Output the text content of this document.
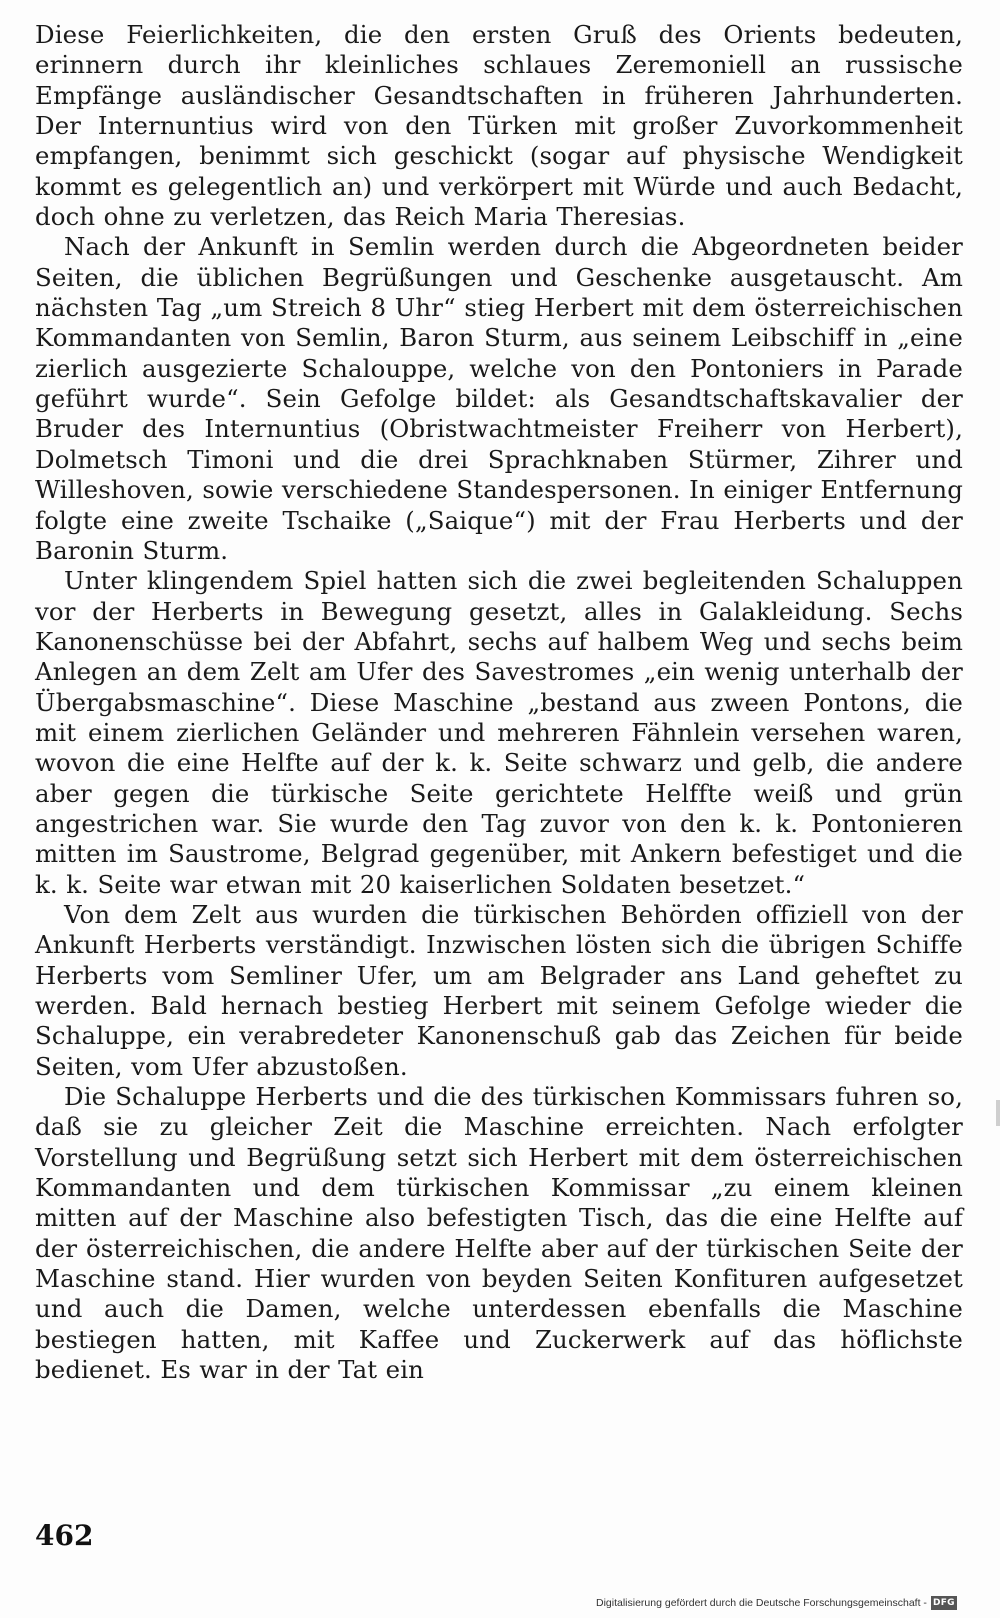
Diese Feierlichkeiten, die den ersten Gruß des Orients bedeuten, erinnern durch ihr kleinliches schlaues Zeremoniell an russische Empfänge ausländischer Gesandtschaften in früheren Jahrhunderten. Der Internuntius wird von den Türken mit großer Zuvorkommenheit empfangen, benimmt sich geschickt (sogar auf physische Wendigkeit kommt es gelegentlich an) und verkörpert mit Würde und auch Bedacht, doch ohne zu verletzen, das Reich Maria Theresias.

Nach der Ankunft in Semlin werden durch die Abgeordneten beider Seiten, die üblichen Begrüßungen und Geschenke ausgetauscht. Am nächsten Tag „um Streich 8 Uhr“ stieg Herbert mit dem österreichischen Kommandanten von Semlin, Baron Sturm, aus seinem Leibschiff in „eine zierlich ausgezierte Schalouppe, welche von den Pontoniers in Parade geführt wurde“. Sein Gefolge bildet: als Gesandtschaftskavalier der Bruder des Internuntius (Obristwachtmeister Freiherr von Herbert), Dolmetsch Timoni und die drei Sprachknaben Stürmer, Zihrer und Willeshoven, sowie verschiedene Standespersonen. In einiger Entfernung folgte eine zweite Tschaike („Saique“) mit der Frau Herberts und der Baronin Sturm.

Unter klingendem Spiel hatten sich die zwei begleitenden Schaluppen vor der Herberts in Bewegung gesetzt, alles in Galakleidung. Sechs Kanonenschüsse bei der Abfahrt, sechs auf halbem Weg und sechs beim Anlegen an dem Zelt am Ufer des Savestromes „ein wenig unterhalb der Übergabsmaschine“. Diese Maschine „bestand aus zween Pontons, die mit einem zierlichen Geländer und mehreren Fähnlein versehen waren, wovon die eine Helfte auf der k. k. Seite schwarz und gelb, die andere aber gegen die türkische Seite gerichtete Helffte weiß und grün angestrichen war. Sie wurde den Tag zuvor von den k. k. Pontonieren mitten im Saustrome, Belgrad gegenüber, mit Ankern befestiget und die k. k. Seite war etwan mit 20 kaiserlichen Soldaten besetzet.“

Von dem Zelt aus wurden die türkischen Behörden offiziell von der Ankunft Herberts verständigt. Inzwischen lösten sich die übrigen Schiffe Herberts vom Semliner Ufer, um am Belgrader ans Land geheftet zu werden. Bald hernach bestieg Herbert mit seinem Gefolge wieder die Schaluppe, ein verabredeter Kanonenschuß gab das Zeichen für beide Seiten, vom Ufer abzustoßen.

Die Schaluppe Herberts und die des türkischen Kommissars fuhren so, daß sie zu gleicher Zeit die Maschine erreichten. Nach erfolgter Vorstellung und Begrüßung setzt sich Herbert mit dem österreichischen Kommandanten und dem türkischen Kommissar „zu einem kleinen mitten auf der Maschine also befestigten Tisch, das die eine Helfte auf der österreichischen, die andere Helfte aber auf der türkischen Seite der Maschine stand. Hier wurden von beyden Seiten Konfituren aufgesetzet und auch die Damen, welche unterdessen ebenfalls die Maschine bestiegen hatten, mit Kaffee und Zuckerwerk auf das höflichste bedienet. Es war in der Tat ein

462
Digitalisierung gefördert durch die Deutsche Forschungsgemeinschaft - DFG
